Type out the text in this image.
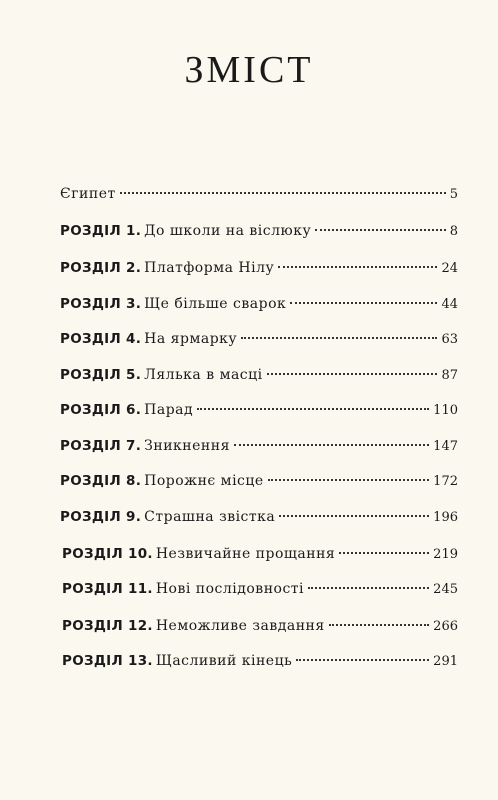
ЗМІСТ
Єгипет	5
РОЗДІЛ 1. До школи на віслюку	8
РОЗДІЛ 2. Платформа Нілу	24
РОЗДІЛ 3. Ще більше сварок	44
РОЗДІЛ 4. На ярмарку	63
РОЗДІЛ 5. Лялька в масці	87
РОЗДІЛ 6. Парад	110
РОЗДІЛ 7. Зникнення	147
РОЗДІЛ 8. Порожнє місце	172
РОЗДІЛ 9. Страшна звістка	196
РОЗДІЛ 10. Незвичайне прощання	219
РОЗДІЛ 11. Нові послідовності	245
РОЗДІЛ 12. Неможливе завдання	266
РОЗДІЛ 13. Щасливий кінець	291
